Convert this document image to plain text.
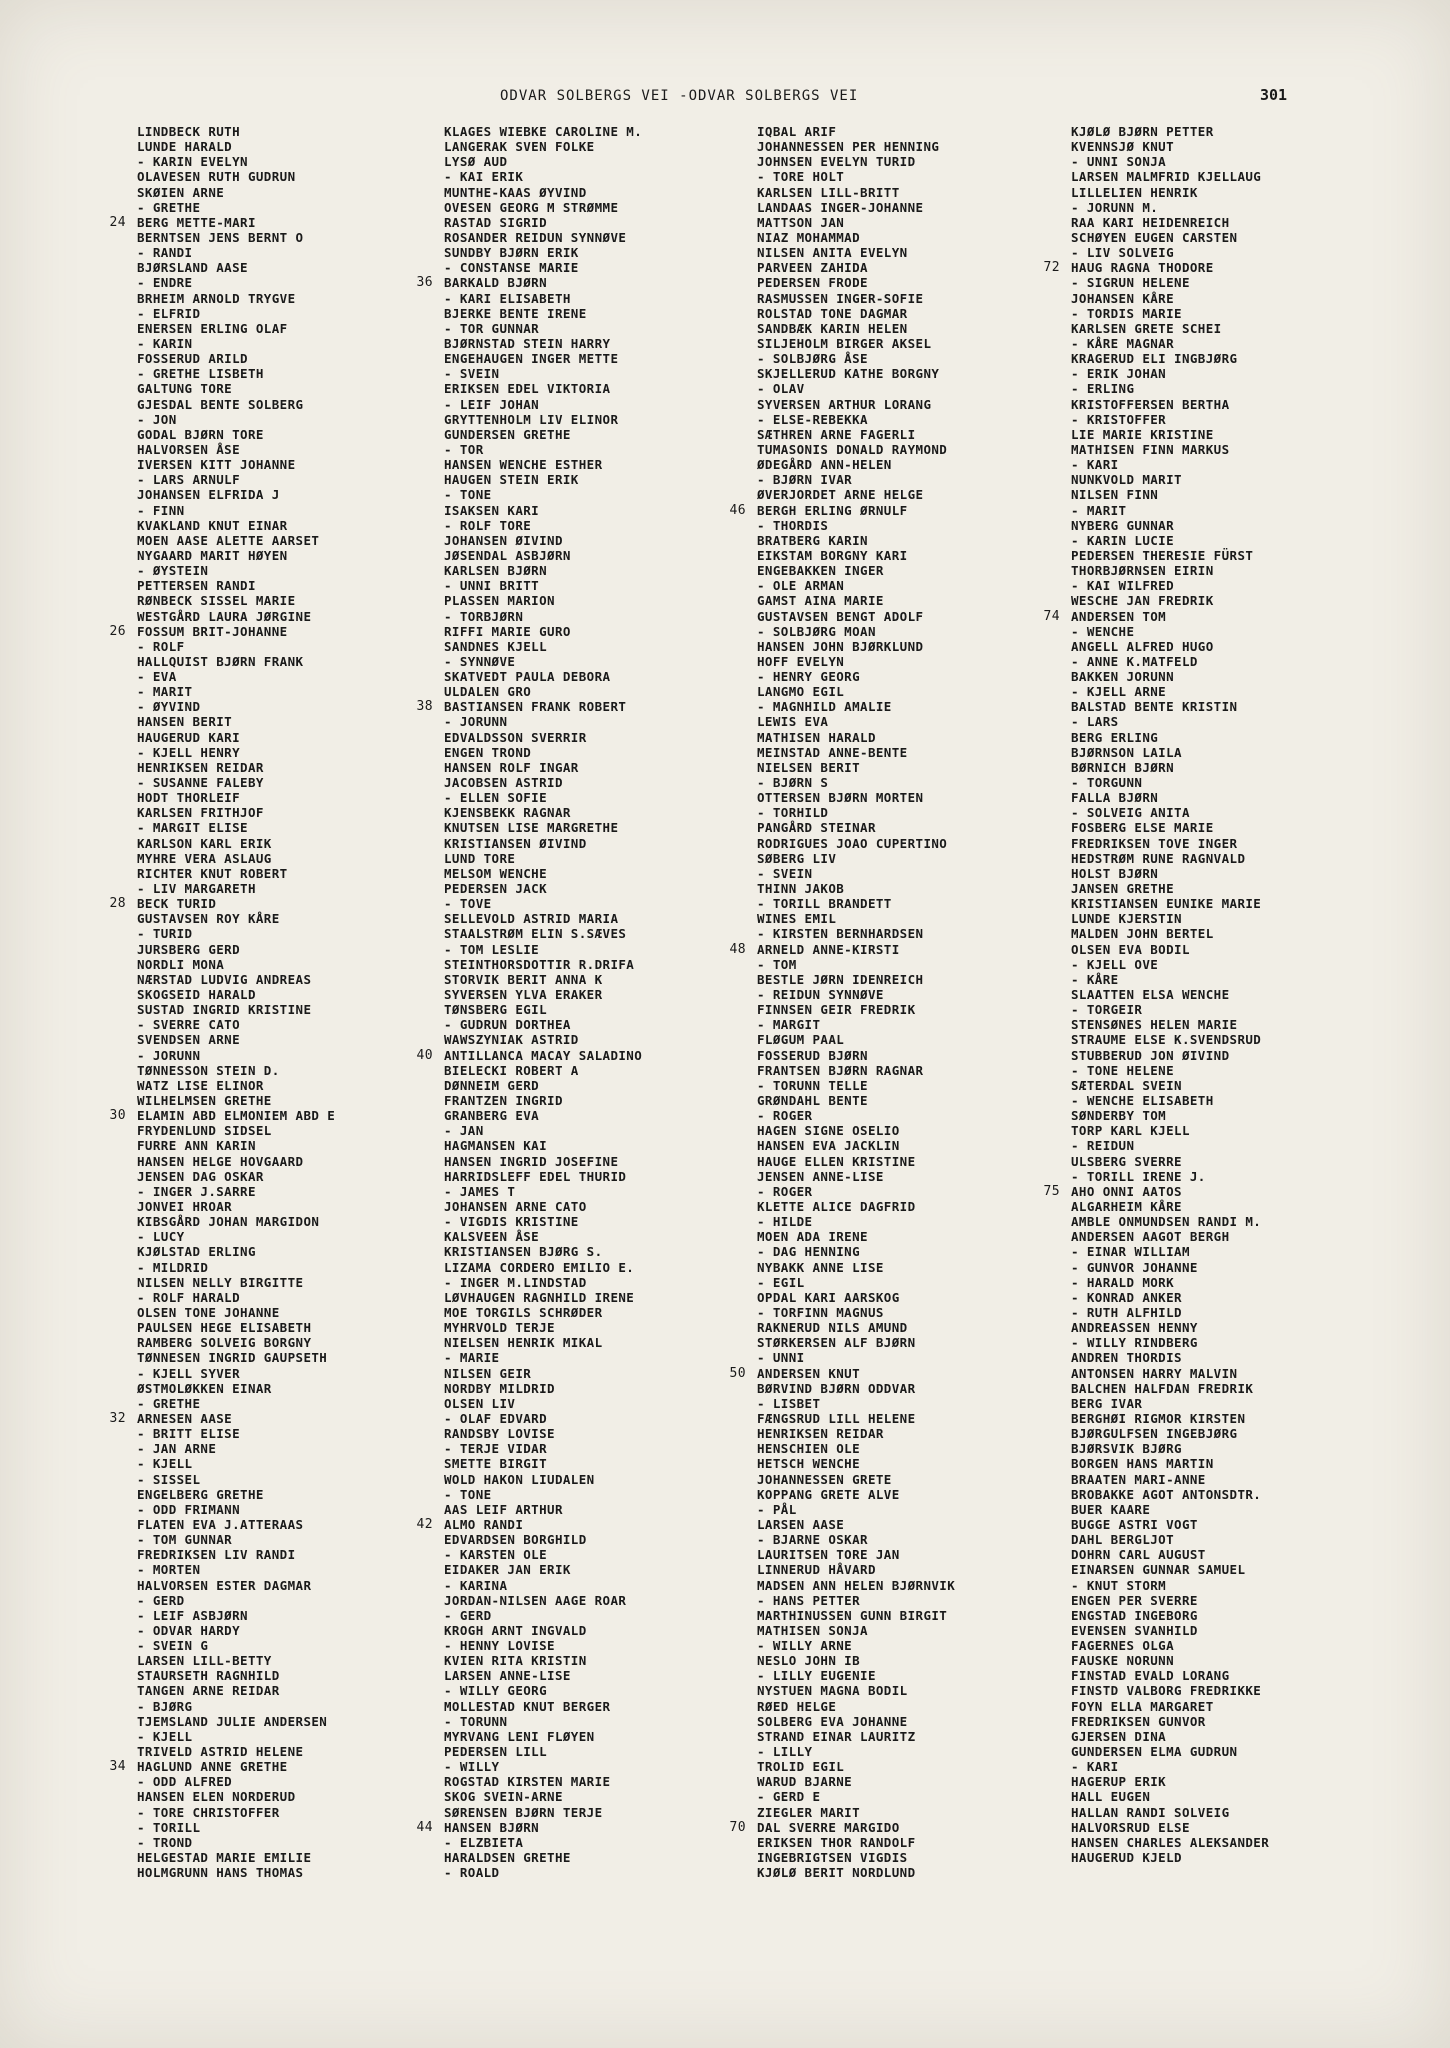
ODVAR SOLBERGS VEI -ODVAR SOLBERGS VEI	301
LINDBECK RUTH
LUNDE HARALD
- KARIN EVELYN
OLAVESEN RUTH GUDRUN
SKØIEN ARNE
- GRETHE
24 BERG METTE-MARI
BERNTSEN JENS BERNT O
- RANDI
BJØRSLAND AASE
- ENDRE
BRHEIM ARNOLD TRYGVE
- ELFRID
ENERSEN ERLING OLAF
- KARIN
FOSSERUD ARILD
- GRETHE LISBETH
GALTUNG TORE
GJESDAL BENTE SOLBERG
- JON
GODAL BJØRN TORE
HALVORSEN ÅSE
IVERSEN KITT JOHANNE
- LARS ARNULF
JOHANSEN ELFRIDA J
- FINN
KVAKLAND KNUT EINAR
MOEN AASE ALETTE AARSET
NYGAARD MARIT HØYEN
- ØYSTEIN
PETTERSEN RANDI
RØNBECK SISSEL MARIE
WESTGÅRD LAURA JØRGINE
26 FOSSUM BRIT-JOHANNE
- ROLF
HALLQUIST BJØRN FRANK
- EVA
- MARIT
- ØYVIND
HANSEN BERIT
HAUGERUD KARI
- KJELL HENRY
HENRIKSEN REIDAR
- SUSANNE FALEBY
HODT THORLEIF
KARLSEN FRITHJOF
- MARGIT ELISE
KARLSON KARL ERIK
MYHRE VERA ASLAUG
RICHTER KNUT ROBERT
- LIV MARGARETH
28 BECK TURID
GUSTAVSEN ROY KÅRE
- TURID
JURSBERG GERD
NORDLI MONA
NÆRSTAD LUDVIG ANDREAS
SKOGSEID HARALD
SUSTAD INGRID KRISTINE
- SVERRE CATO
SVENDSEN ARNE
- JORUNN
TØNNESSON STEIN D.
WATZ LISE ELINOR
WILHELMSEN GRETHE
30 ELAMIN ABD ELMONIEM ABD E
FRYDENLUND SIDSEL
FURRE ANN KARIN
HANSEN HELGE HOVGAARD
JENSEN DAG OSKAR
- INGER J.SARRE
JONVEI HROAR
KIBSGÅRD JOHAN MARGIDON
- LUCY
KJØLSTAD ERLING
- MILDRID
NILSEN NELLY BIRGITTE
- ROLF HARALD
OLSEN TONE JOHANNE
PAULSEN HEGE ELISABETH
RAMBERG SOLVEIG BORGNY
TØNNESEN INGRID GAUPSETH
- KJELL SYVER
ØSTMOLØKKEN EINAR
- GRETHE
32 ARNESEN AASE
- BRITT ELISE
- JAN ARNE
- KJELL
- SISSEL
ENGELBERG GRETHE
- ODD FRIMANN
FLATEN EVA J.ATTERAAS
- TOM GUNNAR
FREDRIKSEN LIV RANDI
- MORTEN
HALVORSEN ESTER DAGMAR
- GERD
- LEIF ASBJØRN
- ODVAR HARDY
- SVEIN G
LARSEN LILL-BETTY
STAURSETH RAGNHILD
TANGEN ARNE REIDAR
- BJØRG
TJEMSLAND JULIE ANDERSEN
- KJELL
TRIVELD ASTRID HELENE
34 HAGLUND ANNE GRETHE
- ODD ALFRED
HANSEN ELEN NORDERUD
- TORE CHRISTOFFER
- TORILL
- TROND
HELGESTAD MARIE EMILIE
HOLMGRUNN HANS THOMAS
KLAGES WIEBKE CAROLINE M.
LANGERAK SVEN FOLKE
LYSØ AUD
- KAI ERIK
MUNTHE-KAAS ØYVIND
OVESEN GEORG M STRØMME
RASTAD SIGRID
ROSANDER REIDUN SYNNØVE
SUNDBY BJØRN ERIK
- CONSTANSE MARIE
36 BARKALD BJØRN
- KARI ELISABETH
BJERKE BENTE IRENE
- TOR GUNNAR
BJØRNSTAD STEIN HARRY
ENGEHAUGEN INGER METTE
- SVEIN
ERIKSEN EDEL VIKTORIA
- LEIF JOHAN
GRYTTENHOLM LIV ELINOR
GUNDERSEN GRETHE
- TOR
HANSEN WENCHE ESTHER
HAUGEN STEIN ERIK
- TONE
ISAKSEN KARI
- ROLF TORE
JOHANSEN ØIVIND
JØSENDAL ASBJØRN
KARLSEN BJØRN
- UNNI BRITT
PLASSEN MARION
- TORBJØRN
RIFFI MARIE GURO
SANDNES KJELL
- SYNNØVE
SKATVEDT PAULA DEBORA
ULDALEN GRO
38 BASTIANSEN FRANK ROBERT
- JORUNN
EDVALDSSON SVERRIR
ENGEN TROND
HANSEN ROLF INGAR
JACOBSEN ASTRID
- ELLEN SOFIE
KJENSBEKK RAGNAR
KNUTSEN LISE MARGRETHE
KRISTIANSEN ØIVIND
LUND TORE
MELSOM WENCHE
PEDERSEN JACK
- TOVE
SELLEVOLD ASTRID MARIA
STAALSTRØM ELIN S.SÆVES
- TOM LESLIE
STEINTHORSDOTTIR R.DRIFA
STORVIK BERIT ANNA K
SYVERSEN YLVA ERAKER
TØNSBERG EGIL
- GUDRUN DORTHEA
WAWSZYNIAK ASTRID
40 ANTILLANCA MACAY SALADINO
BIELECKI ROBERT A
DØNNEIM GERD
FRANTZEN INGRID
GRANBERG EVA
- JAN
HAGMANSEN KAI
HANSEN INGRID JOSEFINE
HARRIDSLEFF EDEL THURID
- JAMES T
JOHANSEN ARNE CATO
- VIGDIS KRISTINE
KALSVEEN ÅSE
KRISTIANSEN BJØRG S.
LIZAMA CORDERO EMILIO E.
- INGER M.LINDSTAD
LØVHAUGEN RAGNHILD IRENE
MOE TORGILS SCHRØDER
MYHRVOLD TERJE
NIELSEN HENRIK MIKAL
- MARIE
NILSEN GEIR
NORDBY MILDRID
OLSEN LIV
- OLAF EDVARD
RANDSBY LOVISE
- TERJE VIDAR
SMETTE BIRGIT
WOLD HAKON LIUDALEN
- TONE
AAS LEIF ARTHUR
42 ALMO RANDI
EDVARDSEN BORGHILD
- KARSTEN OLE
EIDAKER JAN ERIK
- KARINA
JORDAN-NILSEN AAGE ROAR
- GERD
KROGH ARNT INGVALD
- HENNY LOVISE
KVIEN RITA KRISTIN
LARSEN ANNE-LISE
- WILLY GEORG
MOLLESTAD KNUT BERGER
- TORUNN
MYRVANG LENI FLØYEN
PEDERSEN LILL
- WILLY
ROGSTAD KIRSTEN MARIE
SKOG SVEIN-ARNE
SØRENSEN BJØRN TERJE
44 HANSEN BJØRN
- ELZBIETA
HARALDSEN GRETHE
- ROALD
IQBAL ARIF
JOHANNESSEN PER HENNING
JOHNSEN EVELYN TURID
- TORE HOLT
KARLSEN LILL-BRITT
LANDAAS INGER-JOHANNE
MATTSON JAN
NIAZ MOHAMMAD
NILSEN ANITA EVELYN
PARVEEN ZAHIDA
PEDERSEN FRODE
RASMUSSEN INGER-SOFIE
ROLSTAD TONE DAGMAR
SANDBÆK KARIN HELEN
SILJEHOLM BIRGER AKSEL
- SOLBJØRG ÅSE
SKJELLERUD KATHE BORGNY
- OLAV
SYVERSEN ARTHUR LORANG
- ELSE-REBEKKA
SÆTHREN ARNE FAGERLI
TUMASONIS DONALD RAYMOND
ØDEGÅRD ANN-HELEN
- BJØRN IVAR
ØVERJORDET ARNE HELGE
46 BERGH ERLING ØRNULF
- THORDIS
BRATBERG KARIN
EIKSTAM BORGNY KARI
ENGEBAKKEN INGER
- OLE ARMAN
GAMST AINA MARIE
GUSTAVSEN BENGT ADOLF
- SOLBJØRG MOAN
HANSEN JOHN BJØRKLUND
HOFF EVELYN
- HENRY GEORG
LANGMO EGIL
- MAGNHILD AMALIE
LEWIS EVA
MATHISEN HARALD
MEINSTAD ANNE-BENTE
NIELSEN BERIT
- BJØRN S
OTTERSEN BJØRN MORTEN
- TORHILD
PANGÅRD STEINAR
RODRIGUES JOAO CUPERTINO
SØBERG LIV
- SVEIN
THINN JAKOB
- TORILL BRANDETT
WINES EMIL
- KIRSTEN BERNHARDSEN
48 ARNELD ANNE-KIRSTI
- TOM
BESTLE JØRN IDENREICH
- REIDUN SYNNØVE
FINNSEN GEIR FREDRIK
- MARGIT
FLØGUM PAAL
FOSSERUD BJØRN
FRANTSEN BJØRN RAGNAR
- TORUNN TELLE
GRØNDAHL BENTE
- ROGER
HAGEN SIGNE OSELIO
HANSEN EVA JACKLIN
HAUGE ELLEN KRISTINE
JENSEN ANNE-LISE
- ROGER
KLETTE ALICE DAGFRID
- HILDE
MOEN ADA IRENE
- DAG HENNING
NYBAKK ANNE LISE
- EGIL
OPDAL KARI AARSKOG
- TORFINN MAGNUS
RAKNERUD NILS AMUND
STØRKERSEN ALF BJØRN
- UNNI
50 ANDERSEN KNUT
BØRVIND BJØRN ODDVAR
- LISBET
FÆNGSRUD LILL HELENE
HENRIKSEN REIDAR
HENSCHIEN OLE
HETSCH WENCHE
JOHANNESSEN GRETE
KOPPANG GRETE ALVE
- PÅL
LARSEN AASE
- BJARNE OSKAR
LAURITSEN TORE JAN
LINNERUD HÅVARD
MADSEN ANN HELEN BJØRNVIK
- HANS PETTER
MARTHINUSSEN GUNN BIRGIT
MATHISEN SONJA
- WILLY ARNE
NESLO JOHN IB
- LILLY EUGENIE
NYSTUEN MAGNA BODIL
RØED HELGE
SOLBERG EVA JOHANNE
STRAND EINAR LAURITZ
- LILLY
TROLID EGIL
WARUD BJARNE
- GERD E
ZIEGLER MARIT
70 DAL SVERRE MARGIDO
ERIKSEN THOR RANDOLF
INGEBRIGTSEN VIGDIS
KJØLØ BERIT NORDLUND
KJØLØ BJØRN PETTER
KVENNSJØ KNUT
- UNNI SONJA
LARSEN MALMFRID KJELLAUG
LILLELIEN HENRIK
- JORUNN M.
RAA KARI HEIDENREICH
SCHØYEN EUGEN CARSTEN
- LIV SOLVEIG
72 HAUG RAGNA THODORE
- SIGRUN HELENE
JOHANSEN KÅRE
- TORDIS MARIE
KARLSEN GRETE SCHEI
- KÅRE MAGNAR
KRAGERUD ELI INGBJØRG
- ERIK JOHAN
- ERLING
KRISTOFFERSEN BERTHA
- KRISTOFFER
LIE MARIE KRISTINE
MATHISEN FINN MARKUS
- KARI
NUNKVOLD MARIT
NILSEN FINN
- MARIT
NYBERG GUNNAR
- KARIN LUCIE
PEDERSEN THERESIE FÜRST
THORBJØRNSEN EIRIN
- KAI WILFRED
WESCHE JAN FREDRIK
74 ANDERSEN TOM
- WENCHE
ANGELL ALFRED HUGO
- ANNE K.MATFELD
BAKKEN JORUNN
- KJELL ARNE
BALSTAD BENTE KRISTIN
- LARS
BERG ERLING
BJØRNSON LAILA
BØRNICH BJØRN
- TORGUNN
FALLA BJØRN
- SOLVEIG ANITA
FOSBERG ELSE MARIE
FREDRIKSEN TOVE INGER
HEDSTRØM RUNE RAGNVALD
HOLST BJØRN
JANSEN GRETHE
KRISTIANSEN EUNIKE MARIE
LUNDE KJERSTIN
MALDEN JOHN BERTEL
OLSEN EVA BODIL
- KJELL OVE
- KÅRE
SLAATTEN ELSA WENCHE
- TORGEIR
STENSØNES HELEN MARIE
STRAUME ELSE K.SVENDSRUD
STUBBERUD JON ØIVIND
- TONE HELENE
SÆTERDAL SVEIN
- WENCHE ELISABETH
SØNDERBY TOM
TORP KARL KJELL
- REIDUN
ULSBERG SVERRE
- TORILL IRENE J.
75 AHO ONNI AATOS
ALGARHEIM KÅRE
AMBLE ONMUNDSEN RANDI M.
ANDERSEN AAGOT BERGH
- EINAR WILLIAM
- GUNVOR JOHANNE
- HARALD MORK
- KONRAD ANKER
- RUTH ALFHILD
ANDREASSEN HENNY
- WILLY RINDBERG
ANDREN THORDIS
ANTONSEN HARRY MALVIN
BALCHEN HALFDAN FREDRIK
BERG IVAR
BERGHØI RIGMOR KIRSTEN
BJØRGULFSEN INGEBJØRG
BJØRSVIK BJØRG
BORGEN HANS MARTIN
BRAATEN MARI-ANNE
BROBAKKE AGOT ANTONSDTR.
BUER KAARE
BUGGE ASTRI VOGT
DAHL BERGLJOT
DOHRN CARL AUGUST
EINARSEN GUNNAR SAMUEL
- KNUT STORM
ENGEN PER SVERRE
ENGSTAD INGEBORG
EVENSEN SVANHILD
FAGERNES OLGA
FAUSKE NORUNN
FINSTAD EVALD LORANG
FINSTD VALBORG FREDRIKKE
FOYN ELLA MARGARET
FREDRIKSEN GUNVOR
GJERSEN DINA
GUNDERSEN ELMA GUDRUN
- KARI
HAGERUP ERIK
HALL EUGEN
HALLAN RANDI SOLVEIG
HALVORSRUD ELSE
HANSEN CHARLES ALEKSANDER
HAUGERUD KJELD
